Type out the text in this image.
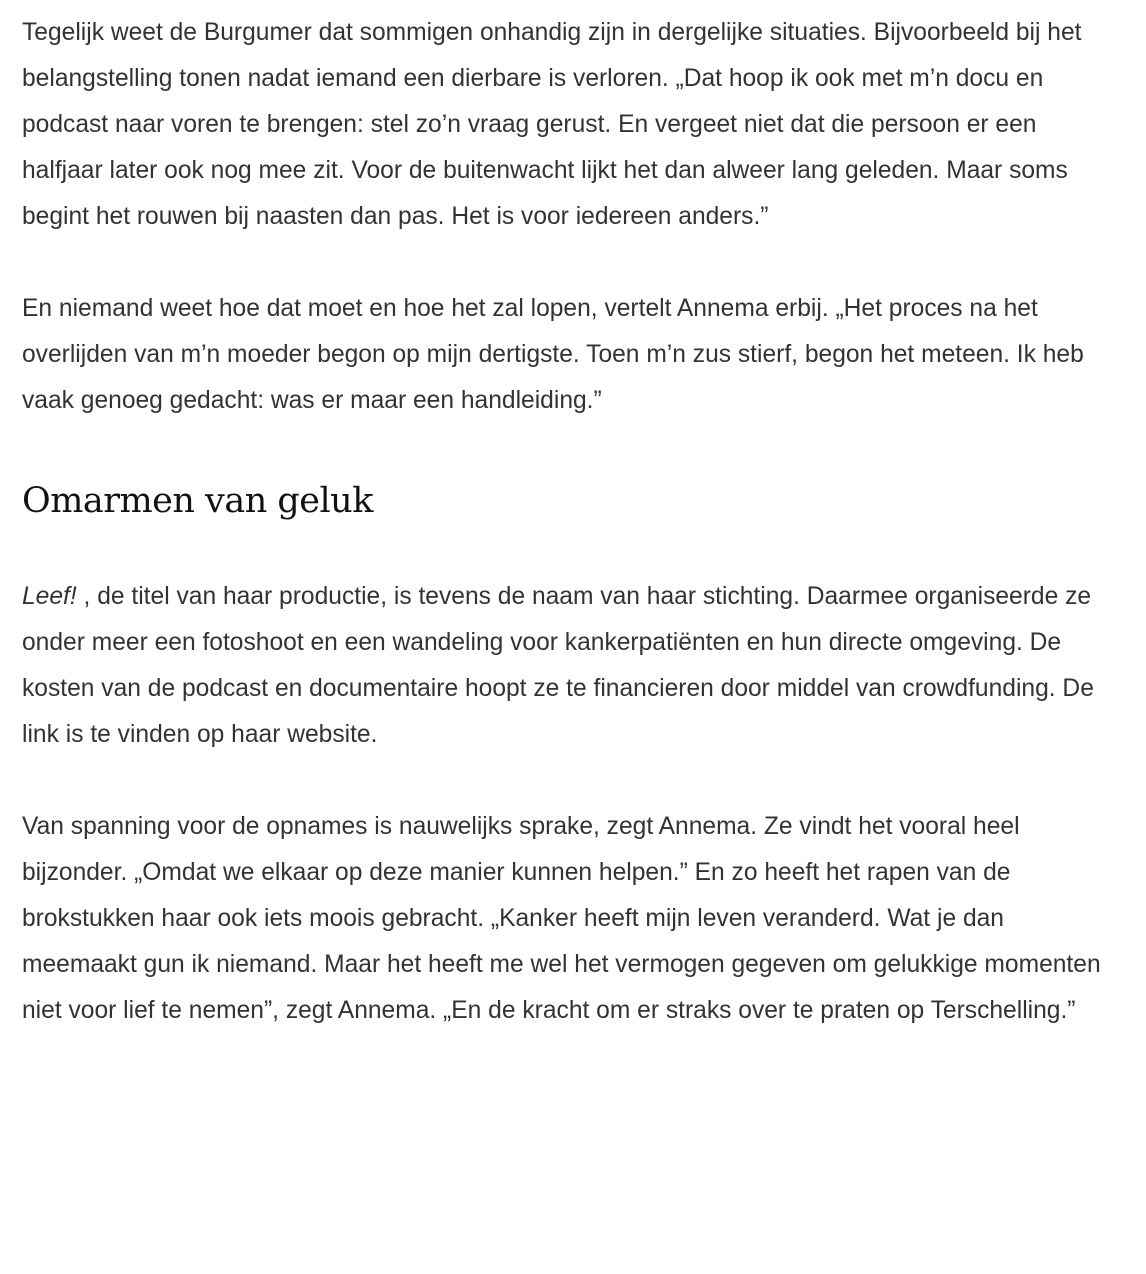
Tegelijk weet de Burgumer dat sommigen onhandig zijn in dergelijke situaties. Bijvoorbeeld bij het belangstelling tonen nadat iemand een dierbare is verloren. „Dat hoop ik ook met m’n docu en podcast naar voren te brengen: stel zo’n vraag gerust. En vergeet niet dat die persoon er een halfjaar later ook nog mee zit. Voor de buitenwacht lijkt het dan alweer lang geleden. Maar soms begint het rouwen bij naasten dan pas. Het is voor iedereen anders.”

En niemand weet hoe dat moet en hoe het zal lopen, vertelt Annema erbij. „Het proces na het overlijden van m’n moeder begon op mijn dertigste. Toen m’n zus stierf, begon het meteen. Ik heb vaak genoeg gedacht: was er maar een handleiding.”

Omarmen van geluk

Leef! , de titel van haar productie, is tevens de naam van haar stichting. Daarmee organiseerde ze onder meer een fotoshoot en een wandeling voor kankerpatiënten en hun directe omgeving. De kosten van de podcast en documentaire hoopt ze te financieren door middel van crowdfunding. De link is te vinden op haar website.

Van spanning voor de opnames is nauwelijks sprake, zegt Annema. Ze vindt het vooral heel bijzonder. „Omdat we elkaar op deze manier kunnen helpen.” En zo heeft het rapen van de brokstukken haar ook iets moois gebracht. „Kanker heeft mijn leven veranderd. Wat je dan meemaakt gun ik niemand. Maar het heeft me wel het vermogen gegeven om gelukkige momenten niet voor lief te nemen”, zegt Annema. „En de kracht om er straks over te praten op Terschelling.”
